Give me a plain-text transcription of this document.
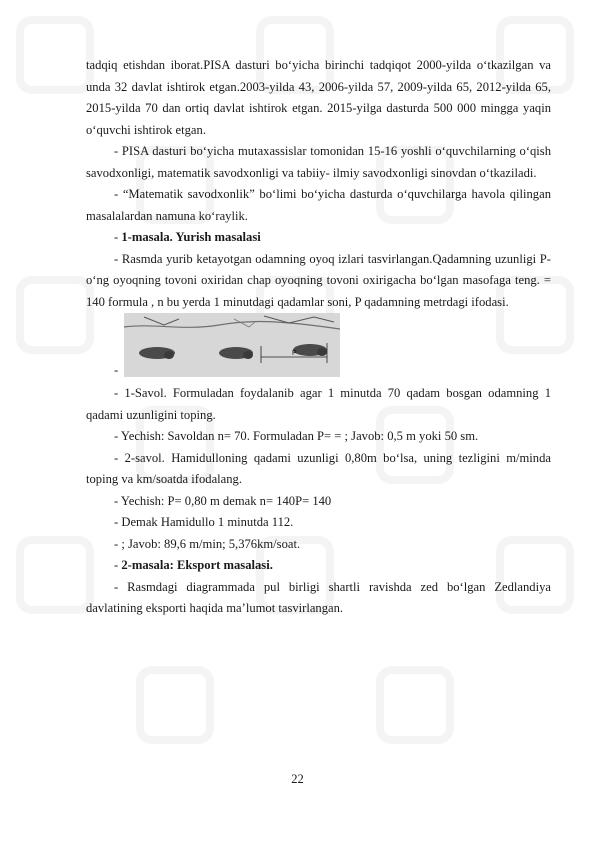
tadqiq etishdan iborat.PISA dasturi bo‘yicha birinchi tadqiqot 2000-yilda o‘tkazilgan va unda 32 davlat ishtirok etgan.2003-yilda 43, 2006-yilda 57, 2009-yilda 65, 2012-yilda 65, 2015-yilda 70 dan ortiq davlat ishtirok etgan. 2015-yilga dasturda 500 000 mingga yaqin o‘quvchi ishtirok etgan.

- PISA dasturi bo‘yicha mutaxassislar tomonidan 15-16 yoshli o‘quvchilarning o‘qish savodxonligi, matematik savodxonligi va tabiiy- ilmiy savodxonligi sinovdan o‘tkaziladi.

- “Matematik savodxonlik” bo‘limi bo‘yicha dasturda o‘quvchilarga havola qilingan masalalardan namuna ko‘raylik.

- 1-masala. Yurish masalasi

- Rasmda yurib ketayotgan odamning oyoq izlari tasvirlangan.Qadamning uzunligi P- o‘ng oyoqning tovoni oxiridan chap oyoqning tovoni oxirigacha bo‘lgan masofaga teng. = 140 formula , n bu yerda 1 minutdagi qadamlar soni, P qadamning metrdagi ifodasi.

-
P

- 1-Savol. Formuladan foydalanib agar 1 minutda 70 qadam bosgan odamning 1 qadami uzunligini toping.

- Yechish: Savoldan n= 70. Formuladan P= = ; Javob: 0,5 m yoki 50 sm.

- 2-savol. Hamidulloning qadami uzunligi 0,80m bo‘lsa, uning tezligini m/minda toping va km/soatda ifodalang.

- Yechish: P= 0,80 m demak n= 140P= 140

- Demak Hamidullo 1 minutda 112.

- ; Javob: 89,6 m/min; 5,376km/soat.

- 2-masala: Eksport masalasi.

- Rasmdagi diagrammada pul birligi shartli ravishda zed bo‘lgan Zedlandiya davlatining eksporti haqida ma’lumot tasvirlangan.

22
